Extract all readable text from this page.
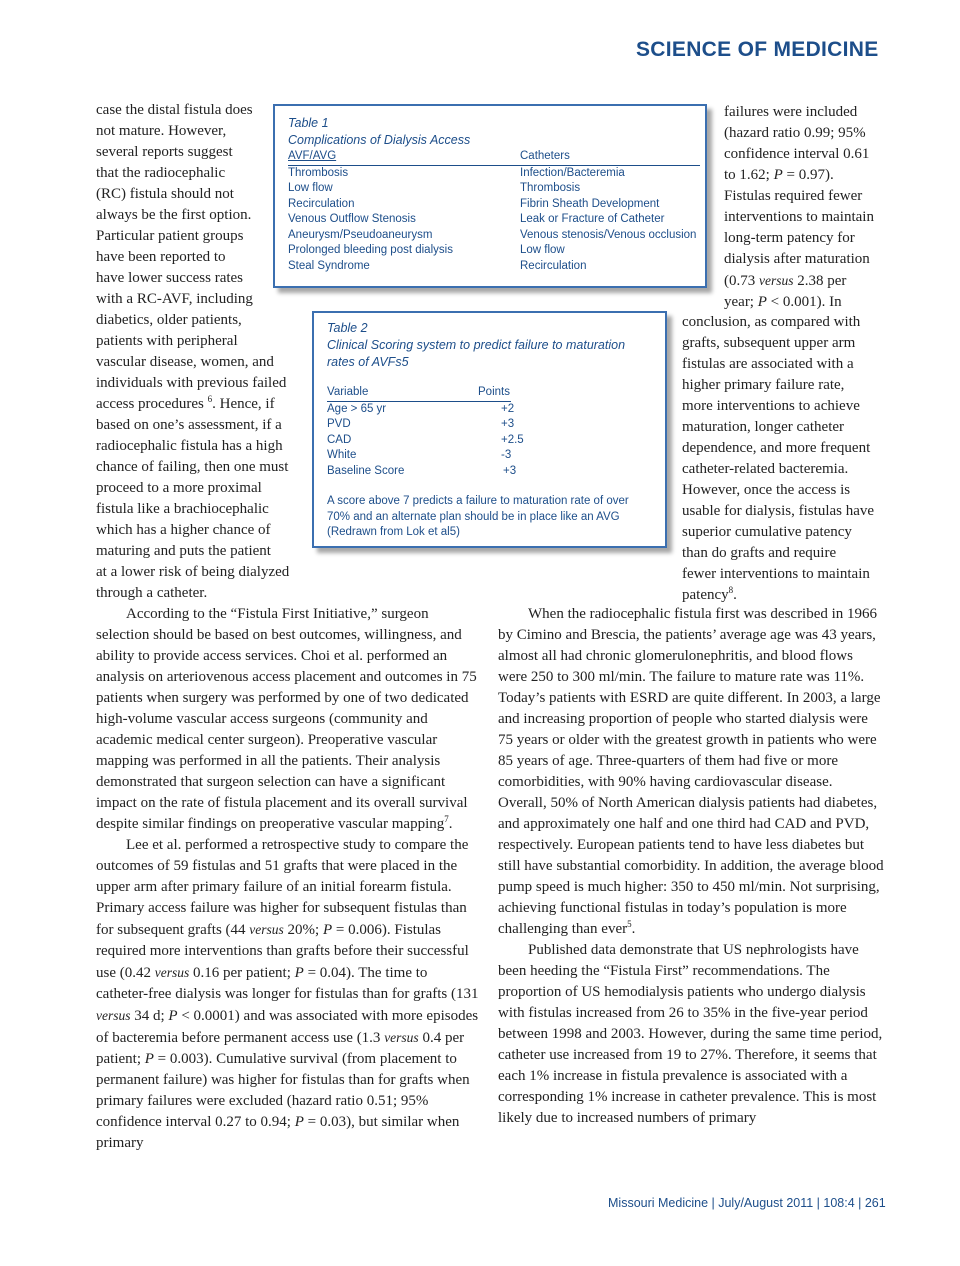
SCIENCE OF MEDICINE

case the distal fistula does

not mature. However,

several reports suggest

that the radiocephalic

(RC) fistula should not

always be the first option.

Particular patient groups

have been reported to

have lower success rates

with a RC-AVF, including

diabetics, older patients,

patients with peripheral

vascular disease, women, and

individuals with previous failed

access procedures $^6$. Hence, if

based on one’s assessment, if a

radiocephalic fistula has a high

chance of failing, then one must

proceed to a more proximal

fistula like a brachiocephalic

which has a higher chance of

maturing and puts the patient

at a lower risk of being dialyzed

through a catheter.

According to the “Fistula First Initiative,” surgeon selection should be based on best outcomes, willingness, and ability to provide access services. Choi et al. performed an analysis on arteriovenous access placement and outcomes in 75 patients when surgery was performed by one of two dedicated high-volume vascular access surgeons (community and academic medical center surgeon). Preoperative vascular mapping was performed in all the patients. Their analysis demonstrated that surgeon selection can have a significant impact on the rate of fistula placement and its overall survival despite similar findings on preoperative vascular mapping$^7$.

Lee et al. performed a retrospective study to compare the outcomes of 59 fistulas and 51 grafts that were placed in the upper arm after primary failure of an initial forearm fistula. Primary access failure was higher for subsequent fistulas than for subsequent grafts (44 versus 20%; P = 0.006). Fistulas required more interventions than grafts before their successful use (0.42 versus 0.16 per patient; P = 0.04). The time to catheter-free dialysis was longer for fistulas than for grafts (131 versus 34 d; P < 0.0001) and was associated with more episodes of bacteremia before permanent access use (1.3 versus 0.4 per patient; P = 0.003). Cumulative survival (from placement to permanent failure) was higher for fistulas than for grafts when primary failures were excluded (hazard ratio 0.51; 95% confidence interval 0.27 to 0.94; P = 0.03), but similar when primary

failures were included

(hazard ratio 0.99; 95%

confidence interval 0.61

to 1.62; P = 0.97).

Fistulas required fewer

interventions to maintain

long-term patency for

dialysis after maturation

(0.73 versus 2.38 per

year; P < 0.001). In

conclusion, as compared with

grafts, subsequent upper arm

fistulas are associated with a

higher primary failure rate,

more interventions to achieve

maturation, longer catheter

dependence, and more frequent

catheter-related bacteremia.

However, once the access is

usable for dialysis, fistulas have

superior cumulative patency

than do grafts and require

fewer interventions to maintain

patency$^8$.

When the radiocephalic fistula first was described in 1966 by Cimino and Brescia, the patients’ average age was 43 years, almost all had chronic glomerulonephritis, and blood flows were 250 to 300 ml/min. The failure to mature rate was 11%. Today’s patients with ESRD are quite different. In 2003, a large and increasing proportion of people who started dialysis were 75 years or older with the greatest growth in patients who were 85 years of age. Three-quarters of them had five or more comorbidities, with 90% having cardiovascular disease. Overall, 50% of North American dialysis patients had diabetes, and approximately one half and one third had CAD and PVD, respectively. European patients tend to have less diabetes but still have substantial comorbidity. In addition, the average blood pump speed is much higher: 350 to 450 ml/min. Not surprising, achieving functional fistulas in today’s population is more challenging than ever$^5$.

Published data demonstrate that US nephrologists have been heeding the “Fistula First” recommendations. The proportion of US hemodialysis patients who undergo dialysis with fistulas increased from 26 to 35% in the five-year period between 1998 and 2003. However, during the same time period, catheter use increased from 19 to 27%. Therefore, it seems that each 1% increase in fistula prevalence is associated with a corresponding 1% increase in catheter prevalence. This is most likely due to increased numbers of primary

Table 1
Complications of Dialysis Access
AVF/AVG	Catheters
Thrombosis	Infection/Bacteremia
Low flow	Thrombosis
Recirculation	Fibrin Sheath Development
Venous Outflow Stenosis	Leak or Fracture of Catheter
Aneurysm/Pseudoaneurysm	Venous stenosis/Venous occlusion
Prolonged bleeding post dialysis	Low flow
Steal Syndrome	Recirculation
Table 2
Clinical Scoring system to predict failure to maturation rates of AVFs5
Variable	Points
Age > 65 yr	+2
PVD	+3
CAD	+2.5
White	-3
Baseline Score	+3
A score above 7 predicts a failure to maturation rate of over 70% and an alternate plan should be in place like an AVG (Redrawn from Lok et al5)
Missouri Medicine | July/August 2011 | 108:4 | 261
